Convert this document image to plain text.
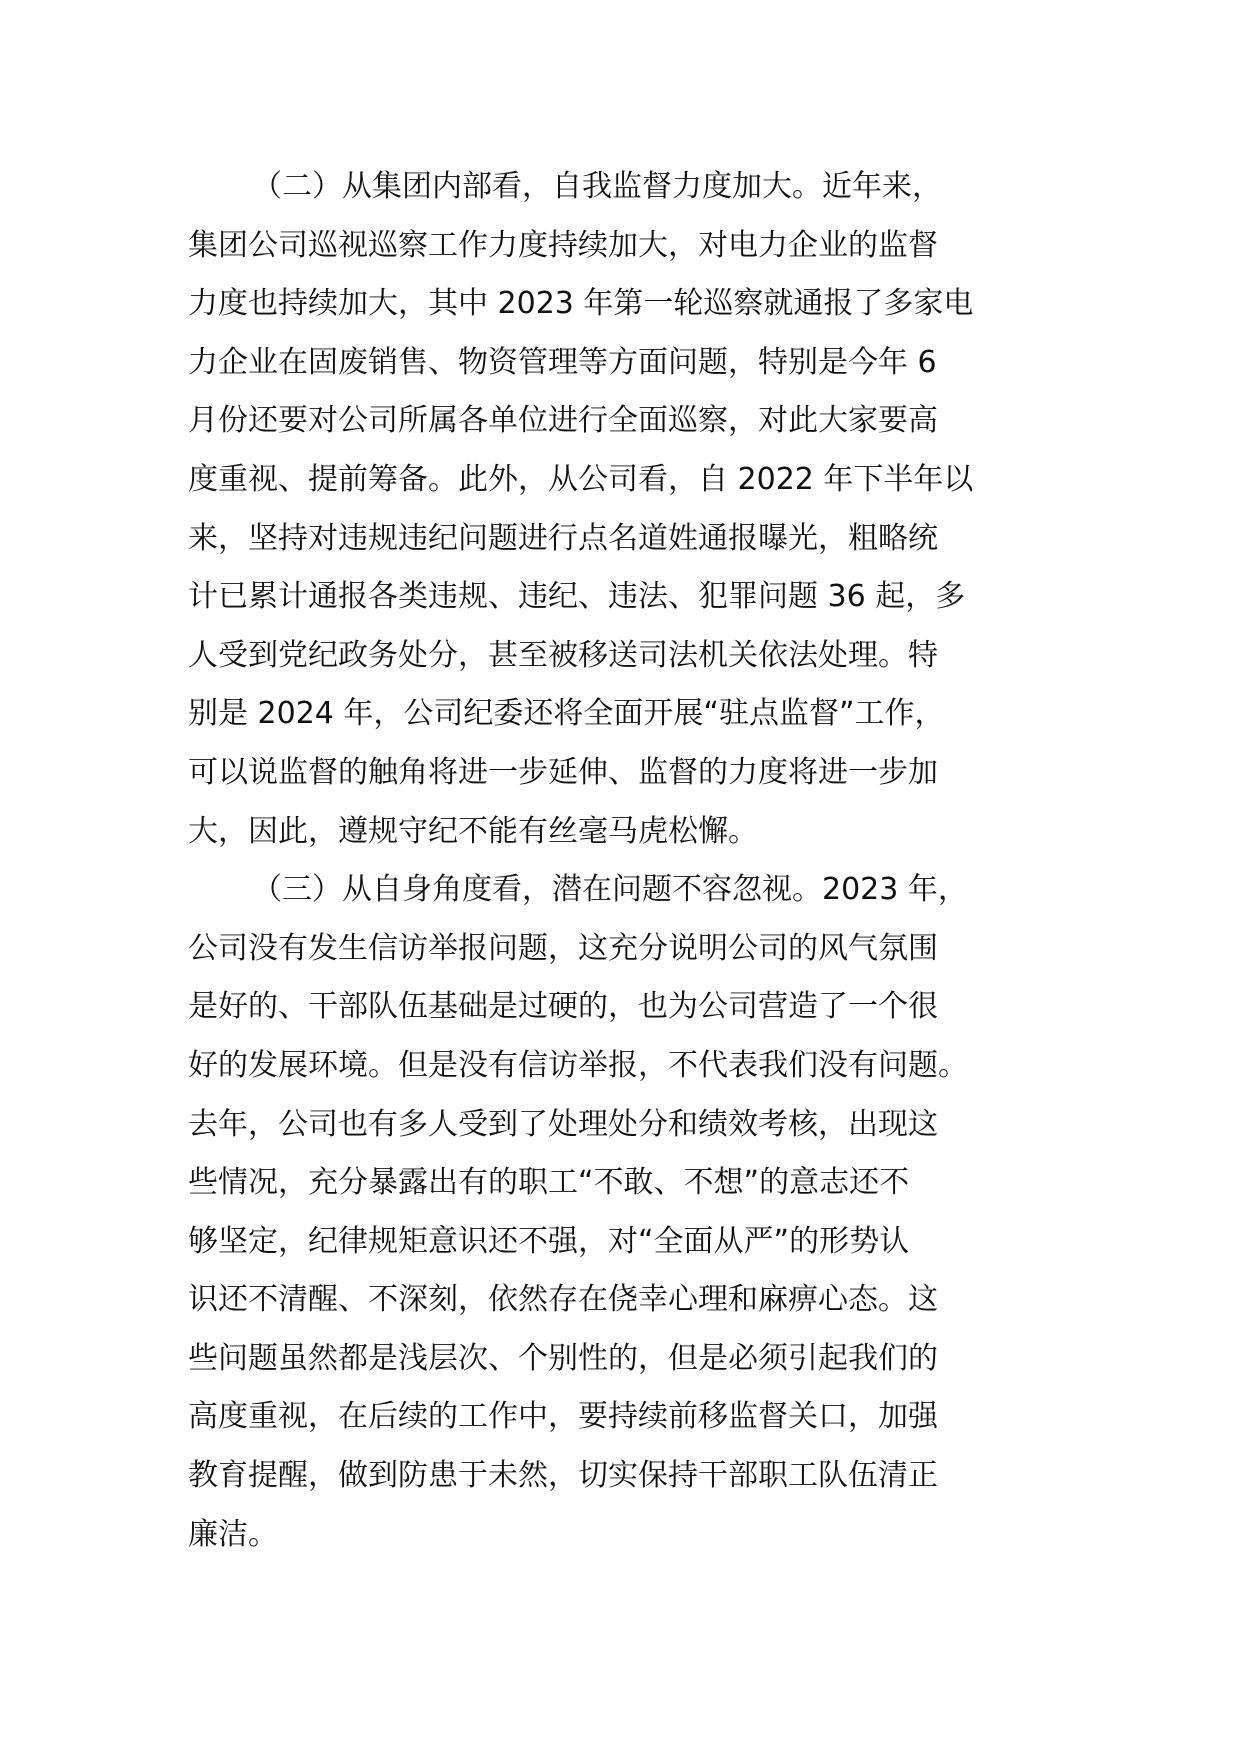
（二）从集团内部看，自我监督力度加大。近年来，
集团公司巡视巡察工作力度持续加大，对电力企业的监督
力度也持续加大，其中 2023 年第一轮巡察就通报了多家电
力企业在固废销售、物资管理等方面问题，特别是今年 6
月份还要对公司所属各单位进行全面巡察，对此大家要高
度重视、提前筹备。此外，从公司看，自 2022 年下半年以
来，坚持对违规违纪问题进行点名道姓通报曝光，粗略统
计已累计通报各类违规、违纪、违法、犯罪问题 36 起，多
人受到党纪政务处分，甚至被移送司法机关依法处理。特
别是 2024 年，公司纪委还将全面开展“驻点监督”工作，
可以说监督的触角将进一步延伸、监督的力度将进一步加
大，因此，遵规守纪不能有丝毫马虎松懈。
（三）从自身角度看，潜在问题不容忽视。2023 年，
公司没有发生信访举报问题，这充分说明公司的风气氛围
是好的、干部队伍基础是过硬的，也为公司营造了一个很
好的发展环境。但是没有信访举报，不代表我们没有问题。
去年，公司也有多人受到了处理处分和绩效考核，出现这
些情况，充分暴露出有的职工“不敢、不想”的意志还不
够坚定，纪律规矩意识还不强，对“全面从严”的形势认
识还不清醒、不深刻，依然存在侥幸心理和麻痹心态。这
些问题虽然都是浅层次、个别性的，但是必须引起我们的
高度重视，在后续的工作中，要持续前移监督关口，加强
教育提醒，做到防患于未然，切实保持干部职工队伍清正
廉洁。
